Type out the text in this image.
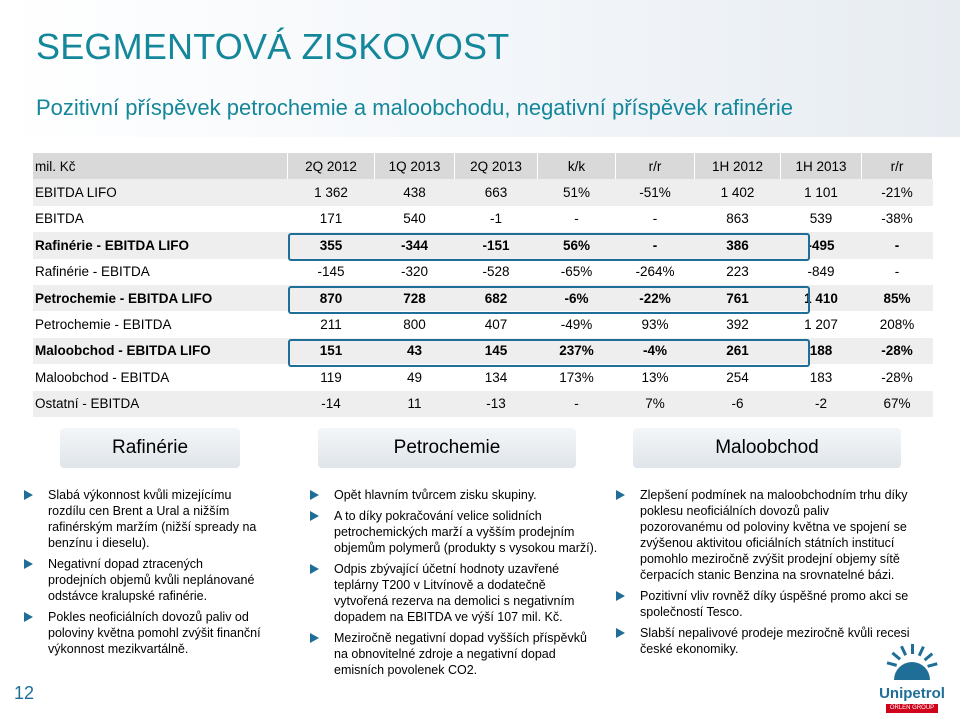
SEGMENTOVÁ ZISKOVOST
Pozitivní příspěvek petrochemie a maloobchodu, negativní příspěvek rafinérie
mil. Kč	2Q 2012	1Q 2013	2Q 2013	k/k	r/r	1H 2012	1H 2013	r/r
EBITDA LIFO	1 362	438	663	51%	-51%	1 402	1 101	-21%
EBITDA	171	540	-1	-	-	863	539	-38%
Rafinérie - EBITDA LIFO	355	-344	-151	56%	-	386	-495	-
Rafinérie - EBITDA	-145	-320	-528	-65%	-264%	223	-849	-
Petrochemie - EBITDA LIFO	870	728	682	-6%	-22%	761	1 410	85%
Petrochemie - EBITDA	211	800	407	-49%	93%	392	1 207	208%
Maloobchod - EBITDA LIFO	151	43	145	237%	-4%	261	188	-28%
Maloobchod - EBITDA	119	49	134	173%	13%	254	183	-28%
Ostatní - EBITDA	-14	11	-13	-	7%	-6	-2	67%
Rafinérie	Petrochemie	Maloobchod
Slabá výkonnost kvůli mizejícímu rozdílu cen Brent a Ural a nižším rafinérským maržím (nižší spready na benzínu i dieselu).
Negativní dopad ztracených prodejních objemů kvůli neplánované odstávce kralupské rafinérie.
Pokles neoficiálních dovozů paliv od poloviny května pomohl zvýšit finanční výkonnost mezikvartálně.
Opět hlavním tvůrcem zisku skupiny.
A to díky pokračování velice solidních petrochemických marží a vyšším prodejním objemům polymerů (produkty s vysokou marží).
Odpis zbývající účetní hodnoty uzavřené teplárny T200 v Litvínově a dodatečně vytvořená rezerva na demolici s negativním dopadem na EBITDA ve výší 107 mil. Kč.
Meziročně negativní dopad vyšších příspěvků na obnovitelné zdroje a negativní dopad emisních povolenek CO2.
Zlepšení podmínek na maloobchodním trhu díky poklesu neoficiálních dovozů paliv pozorovanému od poloviny května ve spojení se zvýšenou aktivitou oficiálních státních institucí pomohlo meziročně zvýšit prodejní objemy sítě čerpacích stanic Benzina na srovnatelné bázi.
Pozitivní vliv rovněž díky úspěšné promo akci se společností Tesco.
Slabší nepalivové prodeje meziročně kvůli recesi české ekonomiky.
12	Unipetrol
ORLEN GROUP
